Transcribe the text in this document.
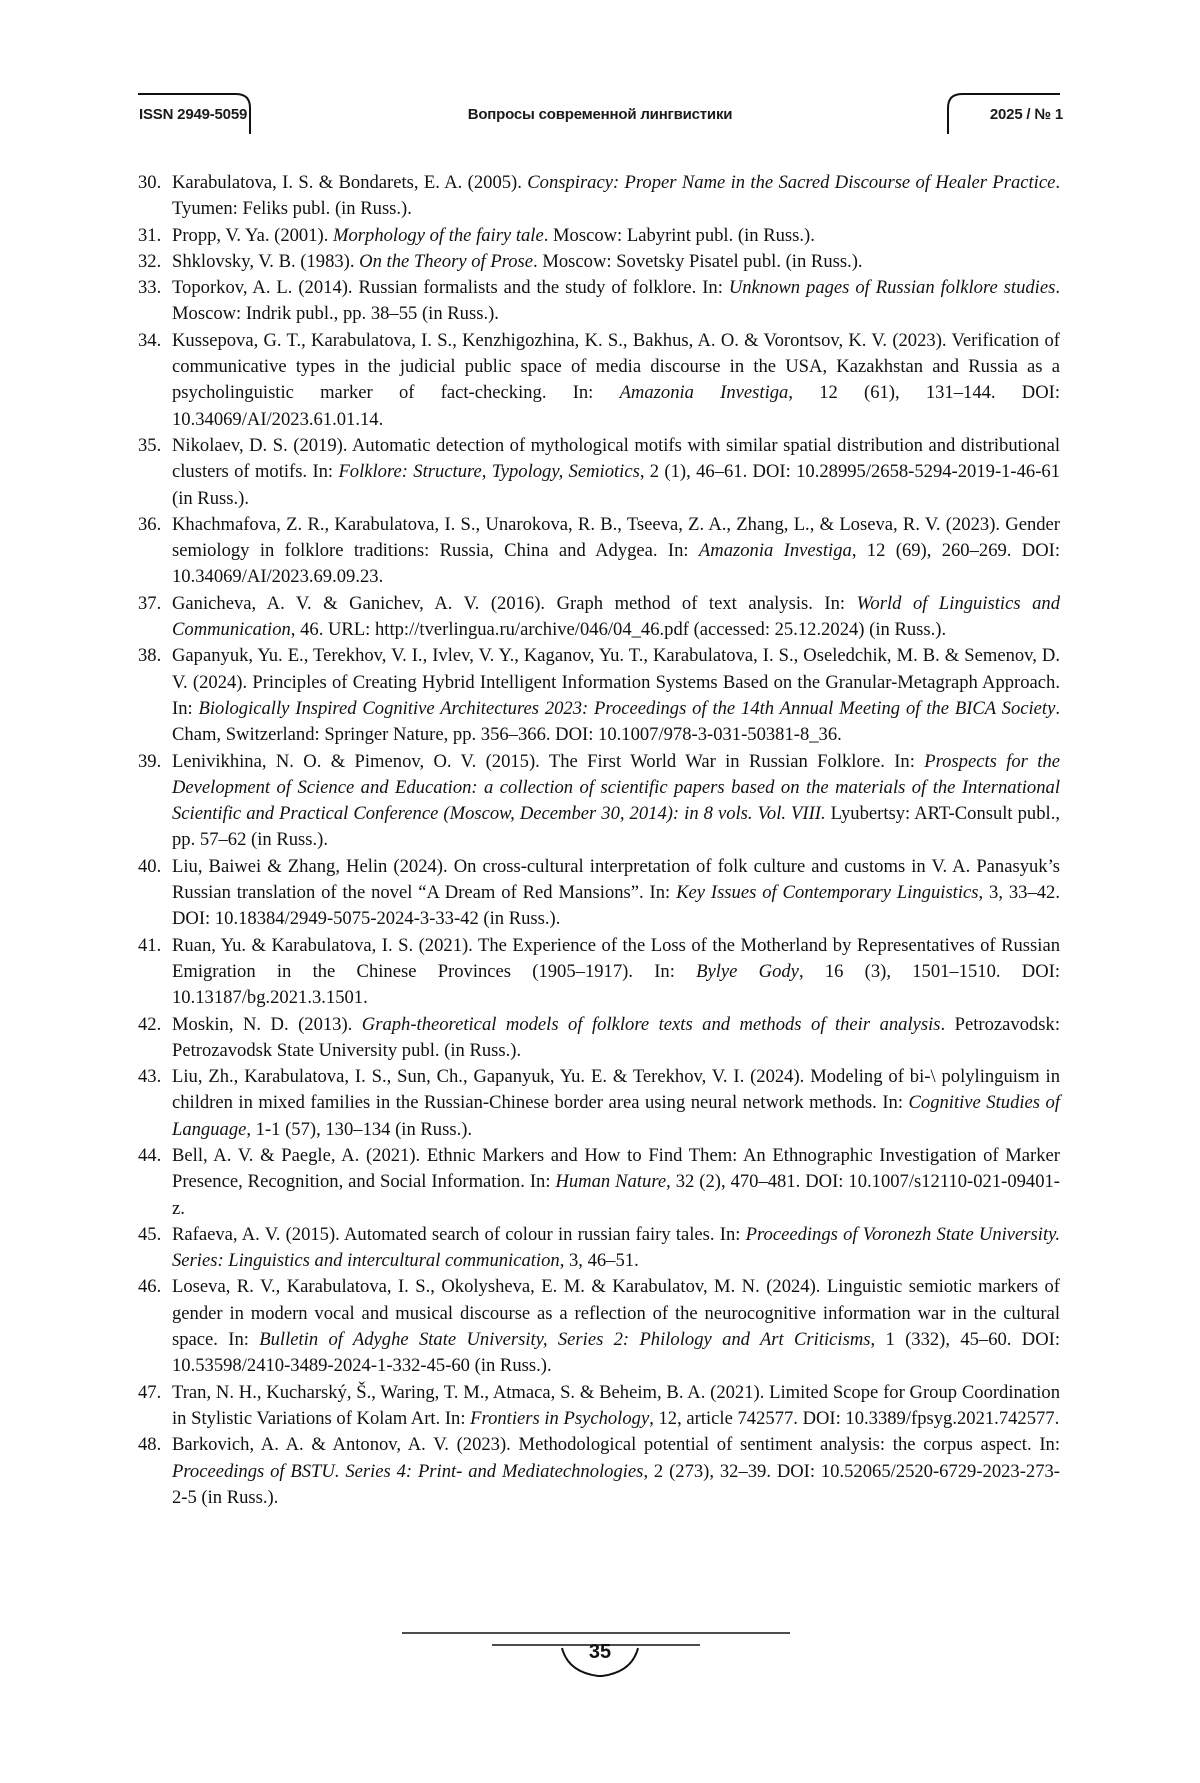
ISSN 2949-5059	Вопросы современной лингвистики	2025 / № 1
30. Karabulatova, I. S. & Bondarets, E. A. (2005). Conspiracy: Proper Name in the Sacred Discourse of Healer Practice. Tyumen: Feliks publ. (in Russ.).
31. Propp, V. Ya. (2001). Morphology of the fairy tale. Moscow: Labyrint publ. (in Russ.).
32. Shklovsky, V. B. (1983). On the Theory of Prose. Moscow: Sovetsky Pisatel publ. (in Russ.).
33. Toporkov, A. L. (2014). Russian formalists and the study of folklore. In: Unknown pages of Russian folklore studies. Moscow: Indrik publ., pp. 38–55 (in Russ.).
34. Kussepova, G. T., Karabulatova, I. S., Kenzhigozhina, K. S., Bakhus, A. O. & Vorontsov, K. V. (2023). Verification of communicative types in the judicial public space of media discourse in the USA, Kazakhstan and Russia as a psycholinguistic marker of fact-checking. In: Amazonia Investiga, 12 (61), 131–144. DOI: 10.34069/AI/2023.61.01.14.
35. Nikolaev, D. S. (2019). Automatic detection of mythological motifs with similar spatial distribution and distributional clusters of motifs. In: Folklore: Structure, Typology, Semiotics, 2 (1), 46–61. DOI: 10.28995/2658-5294-2019-1-46-61 (in Russ.).
36. Khachmafova, Z. R., Karabulatova, I. S., Unarokova, R. B., Tseeva, Z. A., Zhang, L., & Loseva, R. V. (2023). Gender semiology in folklore traditions: Russia, China and Adygea. In: Amazonia Investiga, 12 (69), 260–269. DOI: 10.34069/AI/2023.69.09.23.
37. Ganicheva, A. V. & Ganichev, A. V. (2016). Graph method of text analysis. In: World of Linguistics and Communication, 46. URL: http://tverlingua.ru/archive/046/04_46.pdf (accessed: 25.12.2024) (in Russ.).
38. Gapanyuk, Yu. E., Terekhov, V. I., Ivlev, V. Y., Kaganov, Yu. T., Karabulatova, I. S., Oseledchik, M. B. & Semenov, D. V. (2024). Principles of Creating Hybrid Intelligent Information Systems Based on the Granular-Metagraph Approach. In: Biologically Inspired Cognitive Architectures 2023: Proceedings of the 14th Annual Meeting of the BICA Society. Cham, Switzerland: Springer Nature, pp. 356–366. DOI: 10.1007/978-3-031-50381-8_36.
39. Lenivikhina, N. O. & Pimenov, O. V. (2015). The First World War in Russian Folklore. In: Prospects for the Development of Science and Education: a collection of scientific papers based on the materials of the International Scientific and Practical Conference (Moscow, December 30, 2014): in 8 vols. Vol. VIII. Lyubertsy: ART-Consult publ., pp. 57–62 (in Russ.).
40. Liu, Baiwei & Zhang, Helin (2024). On cross-cultural interpretation of folk culture and customs in V. A. Panasyuk’s Russian translation of the novel “A Dream of Red Mansions”. In: Key Issues of Contemporary Linguistics, 3, 33–42. DOI: 10.18384/2949-5075-2024-3-33-42 (in Russ.).
41. Ruan, Yu. & Karabulatova, I. S. (2021). The Experience of the Loss of the Motherland by Representatives of Russian Emigration in the Chinese Provinces (1905–1917). In: Bylye Gody, 16 (3), 1501–1510. DOI: 10.13187/bg.2021.3.1501.
42. Moskin, N. D. (2013). Graph-theoretical models of folklore texts and methods of their analysis. Petrozavodsk: Petrozavodsk State University publ. (in Russ.).
43. Liu, Zh., Karabulatova, I. S., Sun, Ch., Gapanyuk, Yu. E. & Terekhov, V. I. (2024). Modeling of bi-\ polylinguism in children in mixed families in the Russian-Chinese border area using neural network methods. In: Cognitive Studies of Language, 1-1 (57), 130–134 (in Russ.).
44. Bell, A. V. & Paegle, A. (2021). Ethnic Markers and How to Find Them: An Ethnographic Investigation of Marker Presence, Recognition, and Social Information. In: Human Nature, 32 (2), 470–481. DOI: 10.1007/s12110-021-09401-z.
45. Rafaeva, A. V. (2015). Automated search of colour in russian fairy tales. In: Proceedings of Voronezh State University. Series: Linguistics and intercultural communication, 3, 46–51.
46. Loseva, R. V., Karabulatova, I. S., Okolysheva, E. M. & Karabulatov, M. N. (2024). Linguistic semiotic markers of gender in modern vocal and musical discourse as a reflection of the neurocognitive information war in the cultural space. In: Bulletin of Adyghe State University, Series 2: Philology and Art Criticisms, 1 (332), 45–60. DOI: 10.53598/2410-3489-2024-1-332-45-60 (in Russ.).
47. Tran, N. H., Kucharský, Š., Waring, T. M., Atmaca, S. & Beheim, B. A. (2021). Limited Scope for Group Coordination in Stylistic Variations of Kolam Art. In: Frontiers in Psychology, 12, article 742577. DOI: 10.3389/fpsyg.2021.742577.
48. Barkovich, A. A. & Antonov, A. V. (2023). Methodological potential of sentiment analysis: the corpus aspect. In: Proceedings of BSTU. Series 4: Print- and Mediatechnologies, 2 (273), 32–39. DOI: 10.52065/2520-6729-2023-273-2-5 (in Russ.).
35
